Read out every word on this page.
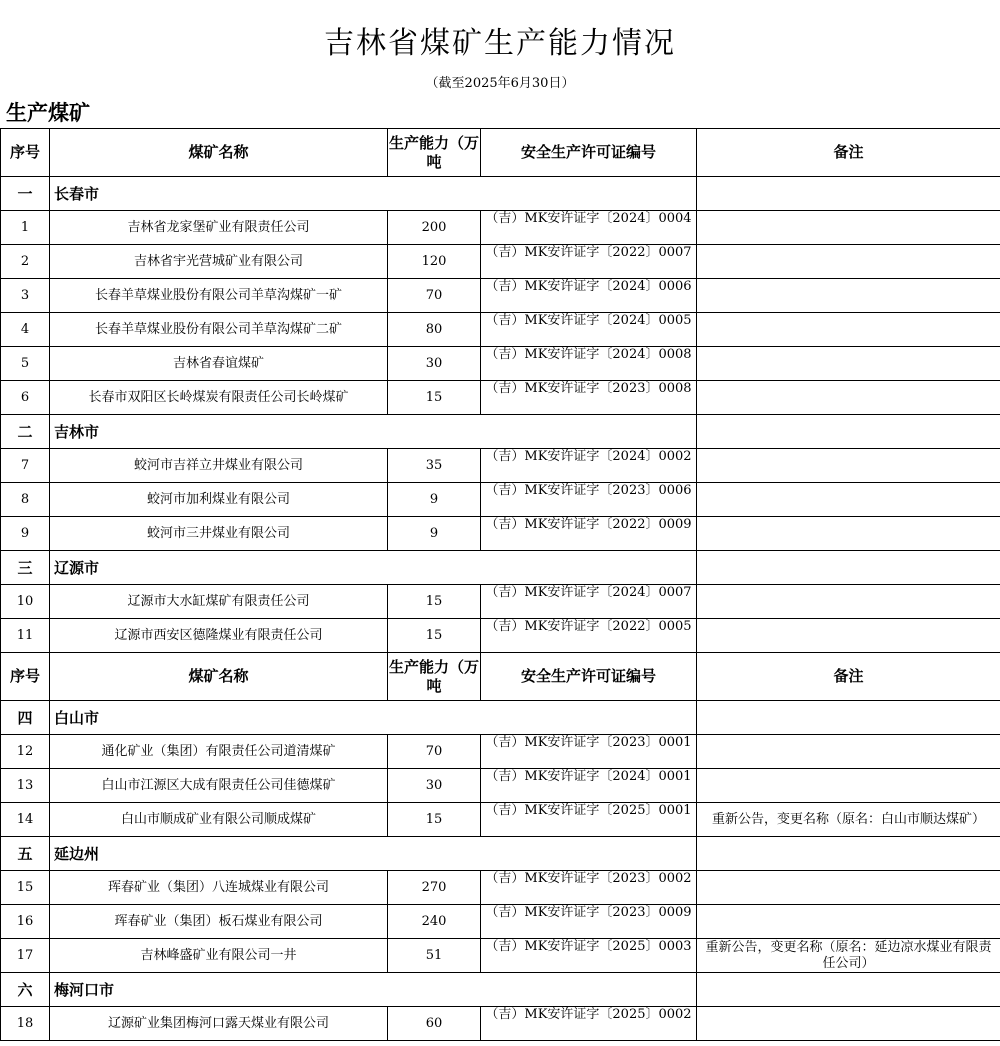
吉林省煤矿生产能力情况
（截至2025年6月30日）
生产煤矿
序号	煤矿名称	生产能力（万吨	安全生产许可证编号	备注
一	长春市			
1	吉林省龙家堡矿业有限责任公司	200	（吉）MK安许证字〔2024〕0004	

2	吉林省宇光营城矿业有限公司	120	（吉）MK安许证字〔2022〕0007	

3	长春羊草煤业股份有限公司羊草沟煤矿一矿	70	（吉）MK安许证字〔2024〕0006	

4	长春羊草煤业股份有限公司羊草沟煤矿二矿	80	（吉）MK安许证字〔2024〕0005	

5	吉林省春谊煤矿	30	（吉）MK安许证字〔2024〕0008	

6	长春市双阳区长岭煤炭有限责任公司长岭煤矿	15	（吉）MK安许证字〔2023〕0008	

二	吉林市			
7	蛟河市吉祥立井煤业有限公司	35	（吉）MK安许证字〔2024〕0002	

8	蛟河市加利煤业有限公司	9	（吉）MK安许证字〔2023〕0006	

9	蛟河市三井煤业有限公司	9	（吉）MK安许证字〔2022〕0009	

三	辽源市			
10	辽源市大水缸煤矿有限责任公司	15	（吉）MK安许证字〔2024〕0007	

11	辽源市西安区德隆煤业有限责任公司	15	（吉）MK安许证字〔2022〕0005	

序号	煤矿名称	生产能力（万吨	安全生产许可证编号	备注
四	白山市			
12	通化矿业（集团）有限责任公司道清煤矿	70	（吉）MK安许证字〔2023〕0001	

13	白山市江源区大成有限责任公司佳德煤矿	30	（吉）MK安许证字〔2024〕0001	

14	白山市顺成矿业有限公司顺成煤矿	15	（吉）MK安许证字〔2025〕0001	重新公告，变更名称（原名：白山市顺达煤矿）

五	延边州			
15	珲春矿业（集团）八连城煤业有限公司	270	（吉）MK安许证字〔2023〕0002	

16	珲春矿业（集团）板石煤业有限公司	240	（吉）MK安许证字〔2023〕0009	

17	吉林峰盛矿业有限公司一井	51	（吉）MK安许证字〔2025〕0003	重新公告，变更名称（原名：延边凉水煤业有限责任公司）

六	梅河口市			
18	辽源矿业集团梅河口露天煤业有限公司	60	（吉）MK安许证字〔2025〕0002	
